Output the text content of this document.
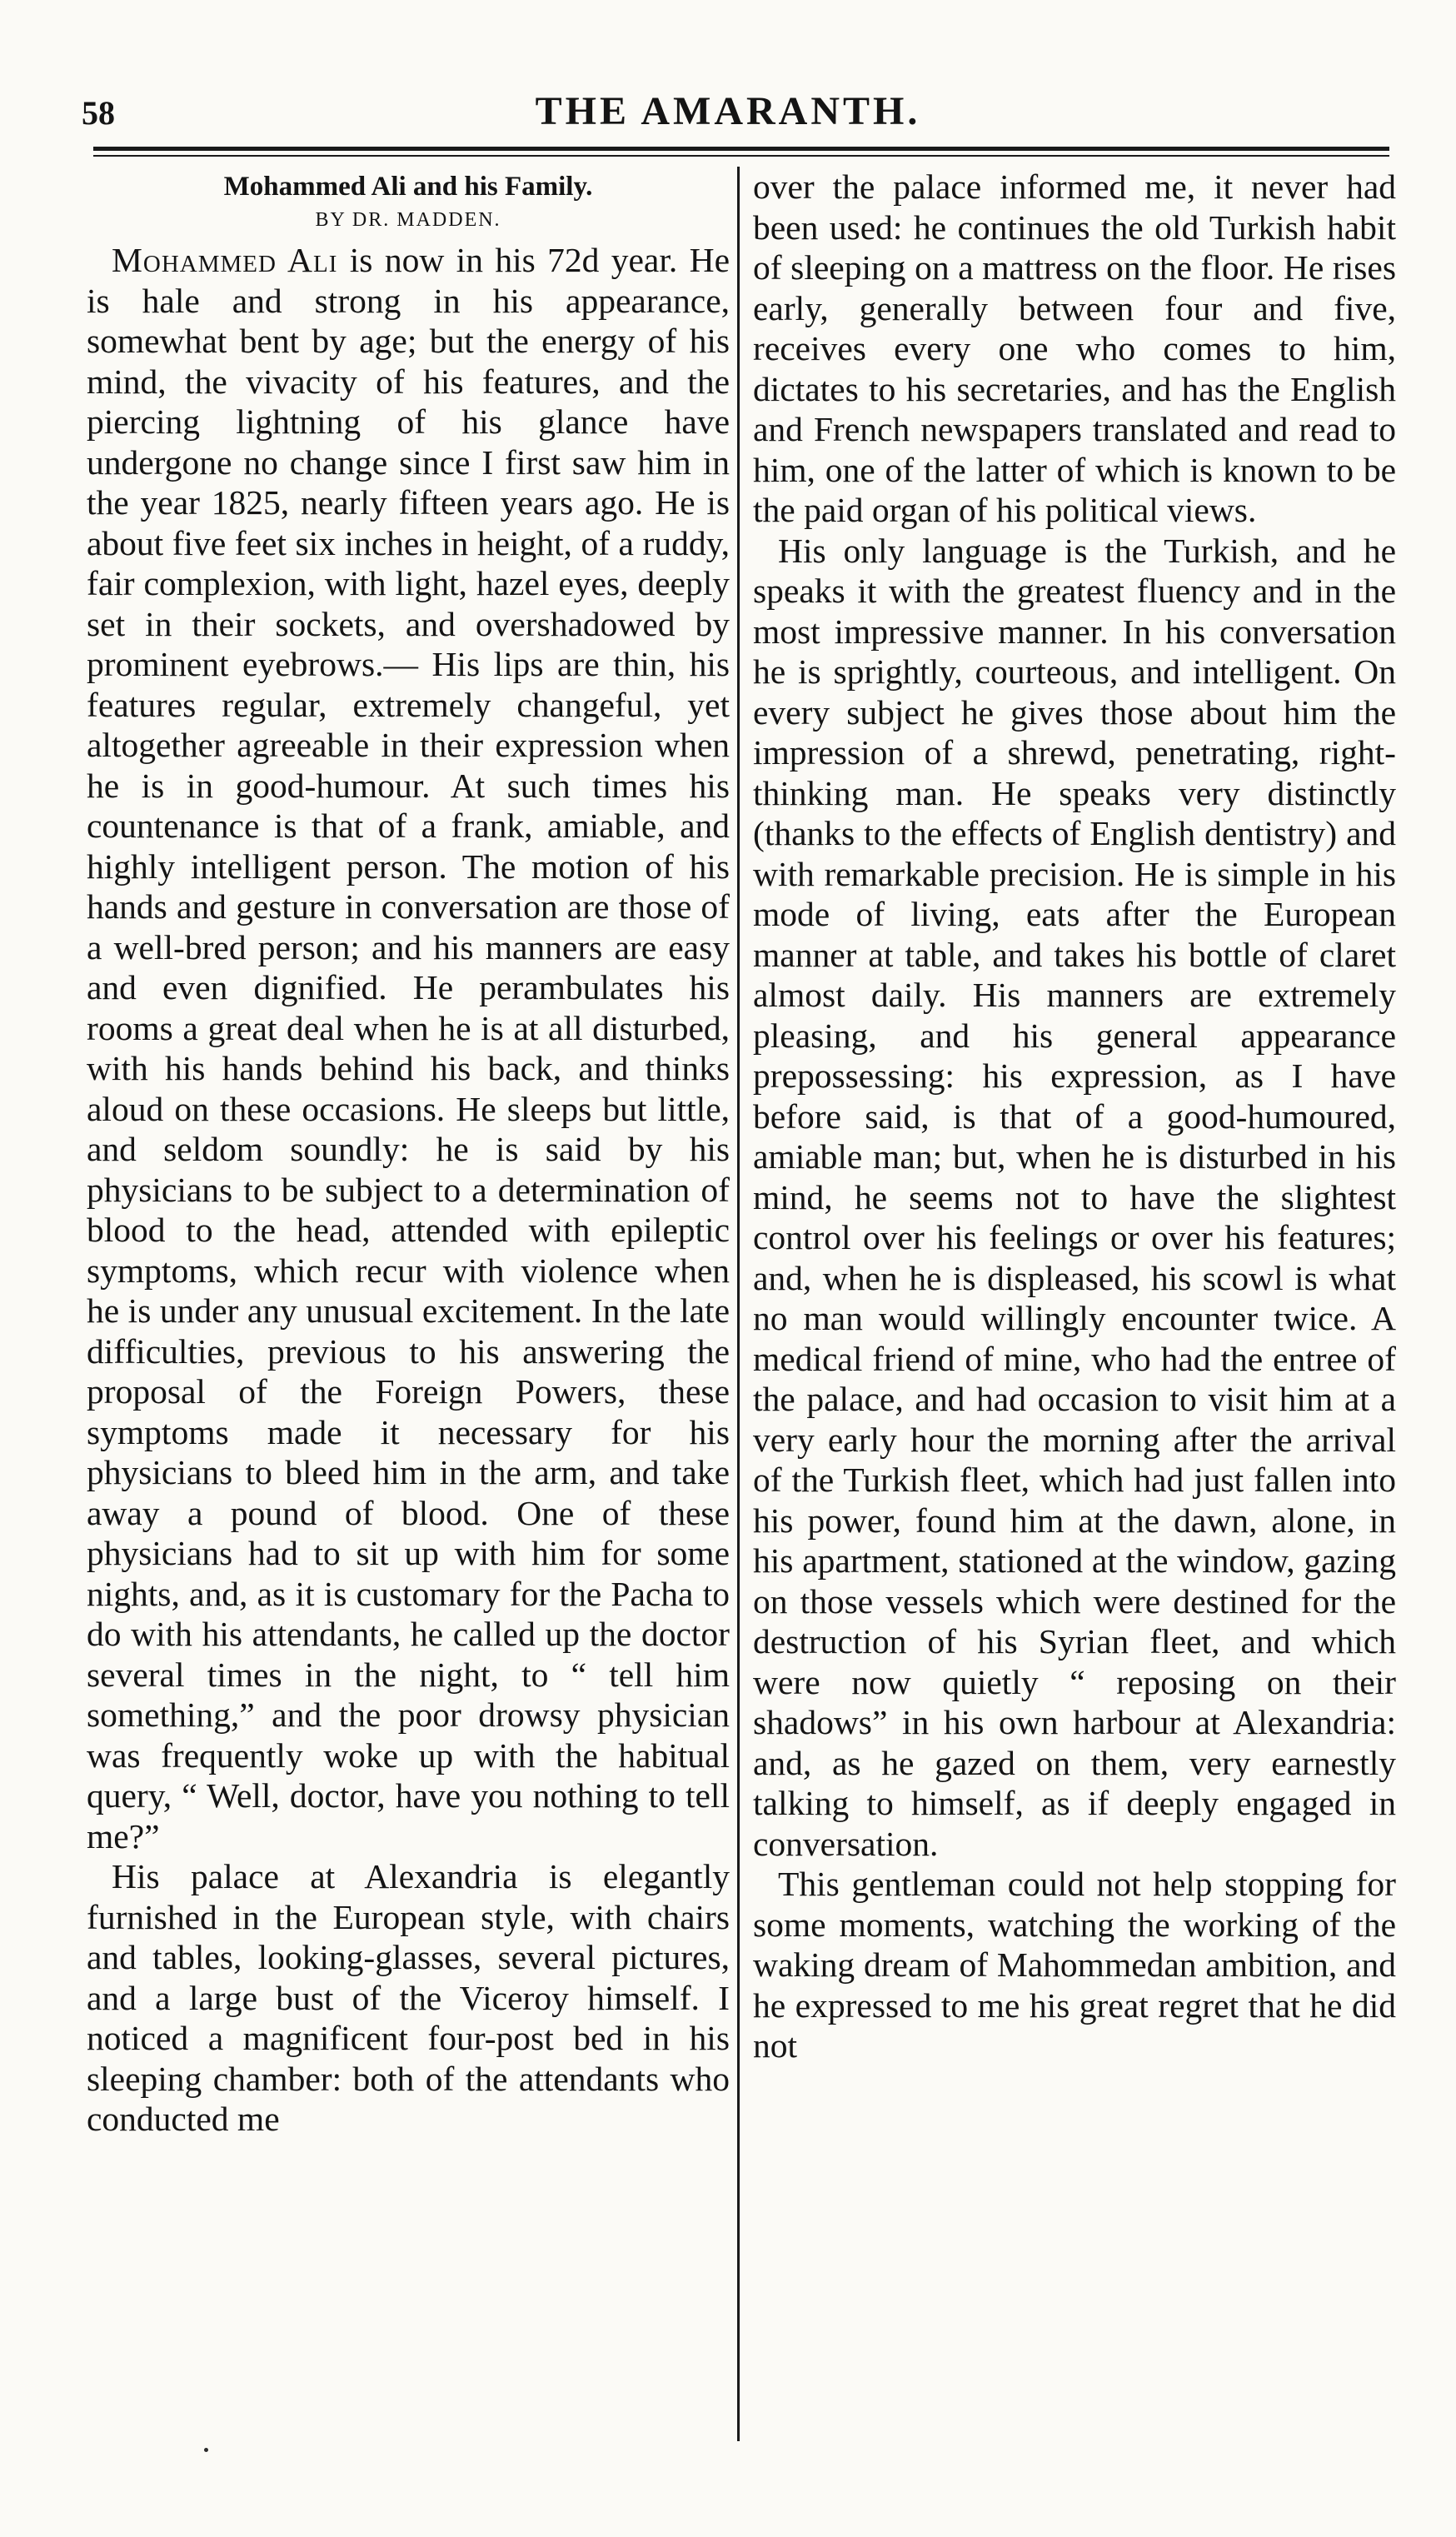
58	THE AMARANTH.

Mohammed Ali and his Family.

BY DR. MADDEN.

Mohammed Ali is now in his 72d year. He is hale and strong in his appearance, somewhat bent by age; but the energy of his mind, the vivacity of his features, and the piercing lightning of his glance have undergone no change since I first saw him in the year 1825, nearly fifteen years ago. He is about five feet six inches in height, of a ruddy, fair complexion, with light, hazel eyes, deeply set in their sockets, and overshadowed by prominent eyebrows.— His lips are thin, his features regular, extremely changeful, yet altogether agreeable in their expression when he is in good-humour. At such times his countenance is that of a frank, amiable, and highly intelligent person. The motion of his hands and gesture in conversation are those of a well-bred person; and his manners are easy and even dignified. He perambulates his rooms a great deal when he is at all disturbed, with his hands behind his back, and thinks aloud on these occasions. He sleeps but little, and seldom soundly: he is said by his physicians to be subject to a determination of blood to the head, attended with epileptic symptoms, which recur with violence when he is under any unusual excitement. In the late difficulties, previous to his answering the proposal of the Foreign Powers, these symptoms made it necessary for his physicians to bleed him in the arm, and take away a pound of blood. One of these physicians had to sit up with him for some nights, and, as it is customary for the Pacha to do with his attendants, he called up the doctor several times in the night, to “ tell him something,” and the poor drowsy physician was frequently woke up with the habitual query, “ Well, doctor, have you nothing to tell me?”

His palace at Alexandria is elegantly furnished in the European style, with chairs and tables, looking-glasses, several pictures, and a large bust of the Viceroy himself. I noticed a magnificent four-post bed in his sleeping chamber: both of the attendants who conducted me

over the palace informed me, it never had been used: he continues the old Turkish habit of sleeping on a mattress on the floor. He rises early, generally between four and five, receives every one who comes to him, dictates to his secretaries, and has the English and French newspapers translated and read to him, one of the latter of which is known to be the paid organ of his political views.

His only language is the Turkish, and he speaks it with the greatest fluency and in the most impressive manner. In his conversation he is sprightly, courteous, and intelligent. On every subject he gives those about him the impression of a shrewd, penetrating, right-thinking man. He speaks very distinctly (thanks to the effects of English dentistry) and with remarkable precision. He is simple in his mode of living, eats after the European manner at table, and takes his bottle of claret almost daily. His manners are extremely pleasing, and his general appearance prepossessing: his expression, as I have before said, is that of a good-humoured, amiable man; but, when he is disturbed in his mind, he seems not to have the slightest control over his feelings or over his features; and, when he is displeased, his scowl is what no man would willingly encounter twice. A medical friend of mine, who had the entree of the palace, and had occasion to visit him at a very early hour the morning after the arrival of the Turkish fleet, which had just fallen into his power, found him at the dawn, alone, in his apartment, stationed at the window, gazing on those vessels which were destined for the destruction of his Syrian fleet, and which were now quietly “ reposing on their shadows” in his own harbour at Alexandria: and, as he gazed on them, very earnestly talking to himself, as if deeply engaged in conversation.

This gentleman could not help stopping for some moments, watching the working of the waking dream of Mahommedan ambition, and he expressed to me his great regret that he did not
